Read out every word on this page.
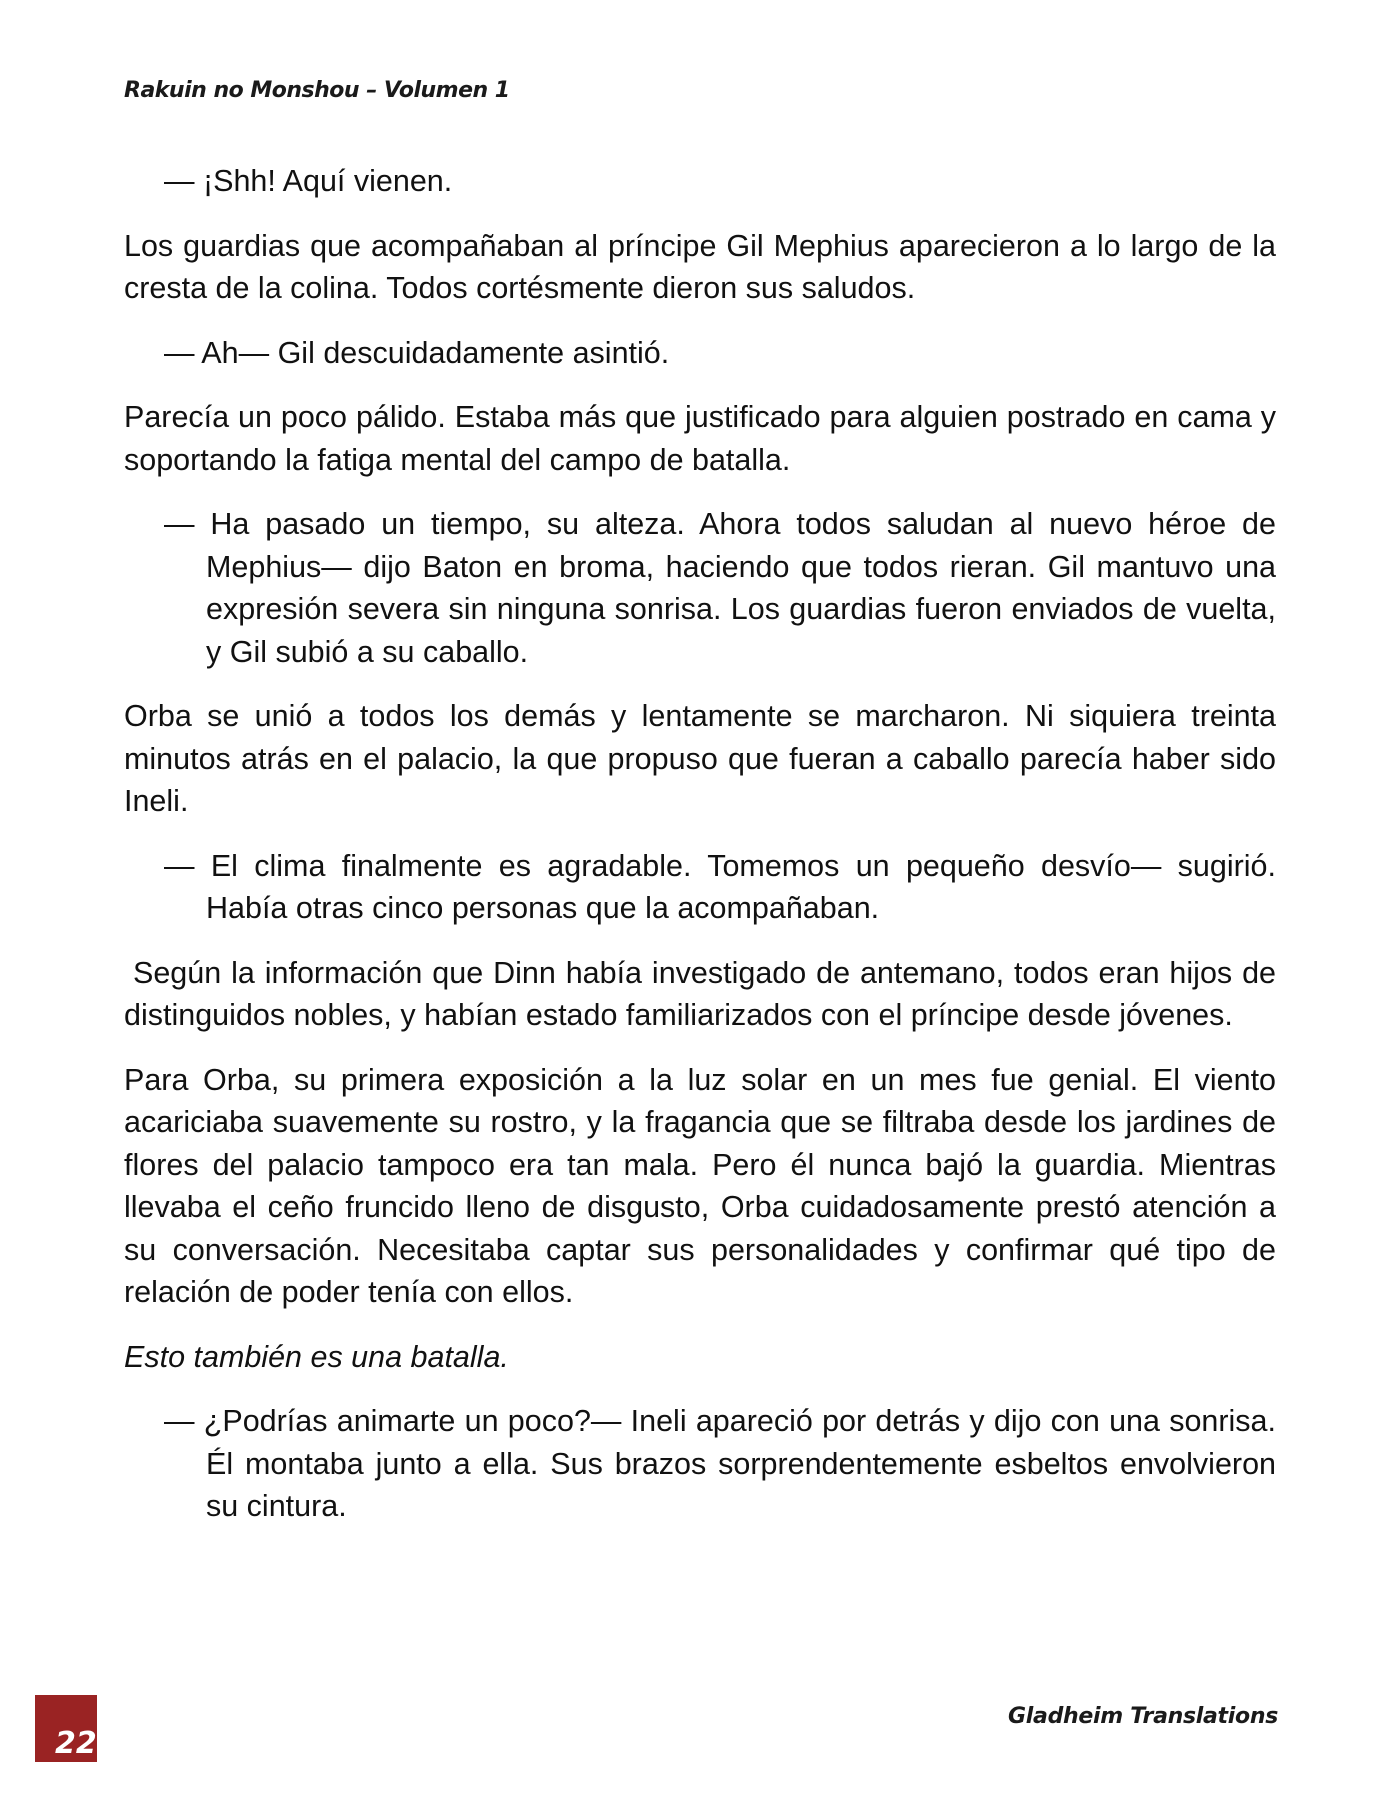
Rakuin no Monshou – Volumen 1

— ¡Shh! Aquí vienen.

Los guardias que acompañaban al príncipe Gil Mephius aparecieron a lo largo de la cresta de la colina. Todos cortésmente dieron sus saludos.

— Ah— Gil descuidadamente asintió.

Parecía un poco pálido. Estaba más que justificado para alguien postrado en cama y soportando la fatiga mental del campo de batalla.

— Ha pasado un tiempo, su alteza. Ahora todos saludan al nuevo héroe de Mephius— dijo Baton en broma, haciendo que todos rieran. Gil mantuvo una expresión severa sin ninguna sonrisa. Los guardias fueron enviados de vuelta, y Gil subió a su caballo.

Orba se unió a todos los demás y lentamente se marcharon. Ni siquiera treinta minutos atrás en el palacio, la que propuso que fueran a caballo parecía haber sido Ineli.

— El clima finalmente es agradable. Tomemos un pequeño desvío— sugirió. Había otras cinco personas que la acompañaban.

Según la información que Dinn había investigado de antemano, todos eran hijos de distinguidos nobles, y habían estado familiarizados con el príncipe desde jóvenes.

Para Orba, su primera exposición a la luz solar en un mes fue genial. El viento acariciaba suavemente su rostro, y la fragancia que se filtraba desde los jardines de flores del palacio tampoco era tan mala. Pero él nunca bajó la guardia. Mientras llevaba el ceño fruncido lleno de disgusto, Orba cuidadosamente prestó atención a su conversación. Necesitaba captar sus personalidades y confirmar qué tipo de relación de poder tenía con ellos.

Esto también es una batalla.

— ¿Podrías animarte un poco?— Ineli apareció por detrás y dijo con una sonrisa. Él montaba junto a ella. Sus brazos sorprendentemente esbeltos envolvieron su cintura.

22
Gladheim Translations
